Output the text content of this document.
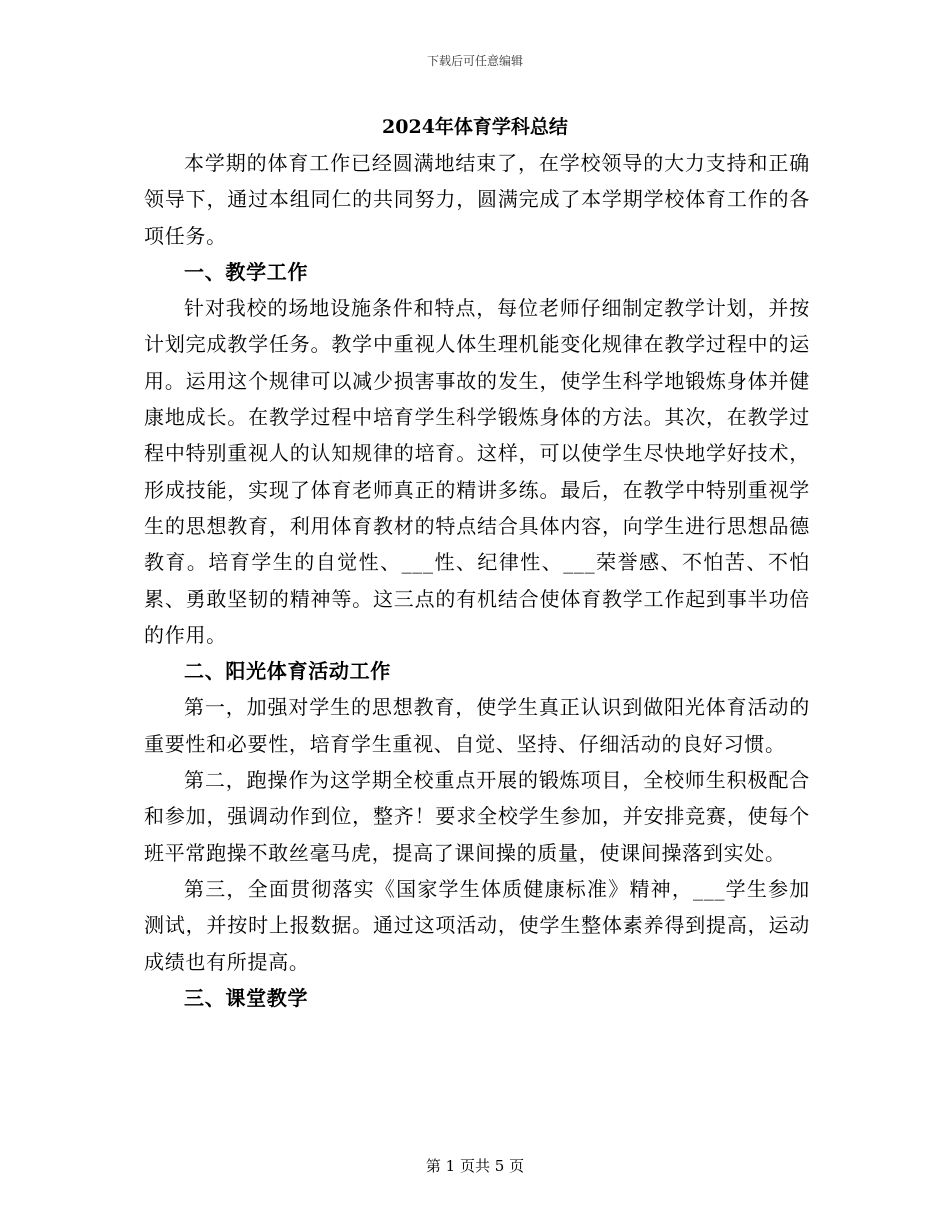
下载后可任意编辑
2024年体育学科总结

本学期的体育工作已经圆满地结束了，在学校领导的大力支持和正确领导下，通过本组同仁的共同努力，圆满完成了本学期学校体育工作的各项任务。

一、教学工作

针对我校的场地设施条件和特点，每位老师仔细制定教学计划，并按计划完成教学任务。教学中重视人体生理机能变化规律在教学过程中的运用。运用这个规律可以减少损害事故的发生，使学生科学地锻炼身体并健康地成长。在教学过程中培育学生科学锻炼身体的方法。其次，在教学过程中特别重视人的认知规律的培育。这样，可以使学生尽快地学好技术，形成技能，实现了体育老师真正的精讲多练。最后，在教学中特别重视学生的思想教育，利用体育教材的特点结合具体内容，向学生进行思想品德教育。培育学生的自觉性、___性、纪律性、___荣誉感、不怕苦、不怕累、勇敢坚韧的精神等。这三点的有机结合使体育教学工作起到事半功倍的作用。

二、阳光体育活动工作

第一，加强对学生的思想教育，使学生真正认识到做阳光体育活动的重要性和必要性，培育学生重视、自觉、坚持、仔细活动的良好习惯。

第二，跑操作为这学期全校重点开展的锻炼项目，全校师生积极配合和参加，强调动作到位，整齐！要求全校学生参加，并安排竞赛，使每个班平常跑操不敢丝毫马虎，提高了课间操的质量，使课间操落到实处。

第三，全面贯彻落实《国家学生体质健康标准》精神，___学生参加测试，并按时上报数据。通过这项活动，使学生整体素养得到提高，运动成绩也有所提高。

三、课堂教学

第 1 页共 5 页
